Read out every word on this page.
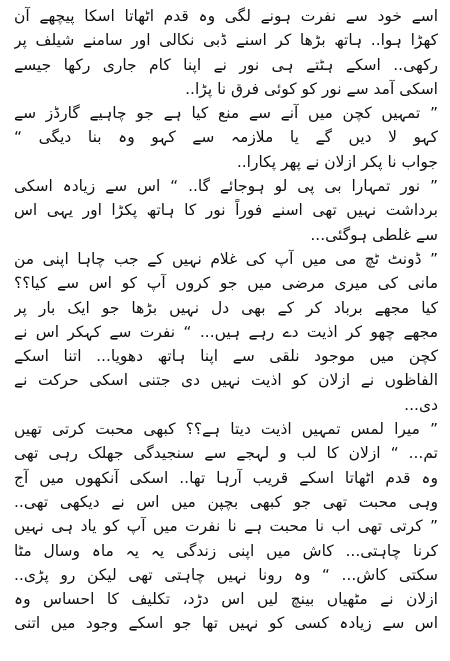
اسے خود سے نفرت ہونے لگی وہ قدم اٹھاتا اسکا پیچھے آن
کھڑا ہوا.. ہاتھ بڑھا کر اسنے ڈبی نکالی اور سامنے شیلف پر
رکھی.. اسکے ہٹتے ہی نور نے اپنا کام جاری رکھا جیسے
اسکی آمد سے نور کو کوئی فرق نا پڑا..
” تمہیں کچن میں آنے سے منع کیا ہے جو چاہیے گارڈز سے
کہو لا دیں گے یا ملازمہ سے کہو وہ بنا دیگی “
جواب نا پکر ازلان نے پھر پکارا..
” نور تمہارا بی پی لو ہوجائے گا.. “ اس سے زیادہ اسکی
برداشت نہیں تھی اسنے فوراً نور کا ہاتھ پکڑا اور یہی اس
سے غلطی ہوگئی...
” ڈونٹ ٹچ می میں آپ کی غلام نہیں کے جب چاہا اپنی من
مانی کی میری مرضی میں جو کروں آپ کو اس سے کیا؟؟
کیا مجھے برباد کر کے بھی دل نہیں بڑھا جو ایک بار پر
مجھے چھو کر اذیت دے رہے ہیں... “ نفرت سے کہکر اس نے
کچن میں موجود نلقی سے اپنا ہاتھ دھویا... اتنا اسکے
الفاظوں نے ازلان کو اذیت نہیں دی جتنی اسکی حرکت نے
دی...
” میرا لمس تمہیں اذیت دیتا ہے؟؟ کبھی محبت کرتی تھیں
تم... “ ازلان کا لب و لہجے سے سنجیدگی جھلک رہی تھی
وہ قدم اٹھاتا اسکے قریب آرہا تھا.. اسکی آنکھوں میں آج
وہی محبت تھی جو کبھی بچپن میں اس نے دیکھی تھی..
” کرتی تھی اب نا محبت ہے نا نفرت میں آپ کو یاد ہی نہیں
کرنا چاہتی... کاش میں اپنی زندگی یہ یہ ماہ وسال مٹا
سکتی کاش... “ وہ رونا نہیں چاہتی تھی لیکن رو پڑی..
ازلان نے مٹھیاں بینچ لیں اس دڑد، تکلیف کا احساس وہ
اس سے زیادہ کسی کو نہیں تھا جو اسکے وجود میں اتنی
